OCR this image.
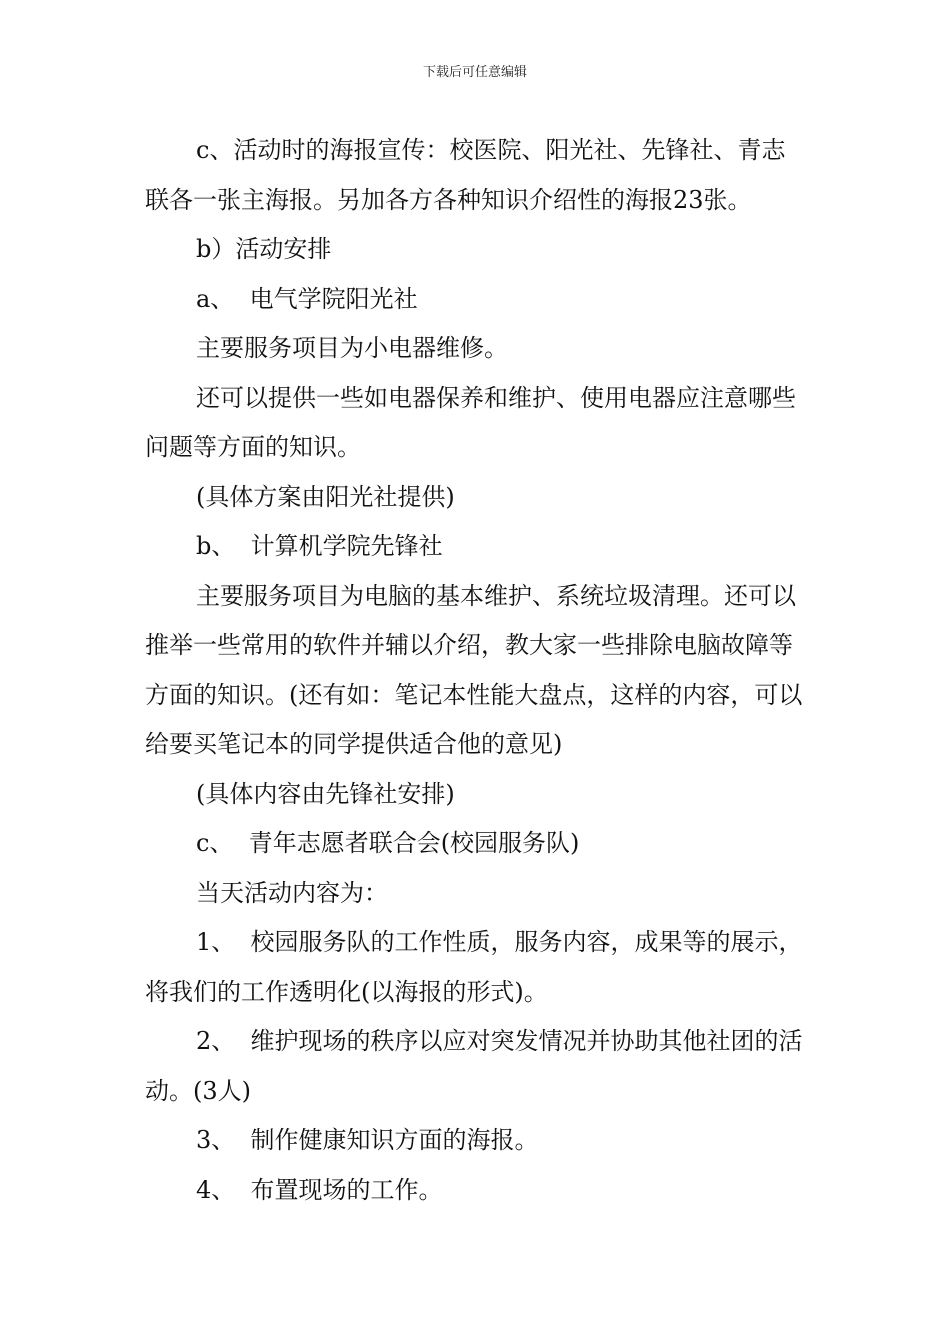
下载后可任意编辑

c、活动时的海报宣传：校医院、阳光社、先锋社、青志联各一张主海报。另加各方各种知识介绍性的海报23张。

b）活动安排

a、  电气学院阳光社

主要服务项目为小电器维修。

还可以提供一些如电器保养和维护、使用电器应注意哪些问题等方面的知识。

(具体方案由阳光社提供)

b、  计算机学院先锋社

主要服务项目为电脑的基本维护、系统垃圾清理。还可以推举一些常用的软件并辅以介绍，教大家一些排除电脑故障等方面的知识。(还有如：笔记本性能大盘点，这样的内容，可以给要买笔记本的同学提供适合他的意见)

(具体内容由先锋社安排)

c、  青年志愿者联合会(校园服务队)

当天活动内容为：

1、  校园服务队的工作性质，服务内容，成果等的展示，将我们的工作透明化(以海报的形式)。

2、  维护现场的秩序以应对突发情况并协助其他社团的活动。(3人)

3、  制作健康知识方面的海报。

4、  布置现场的工作。
